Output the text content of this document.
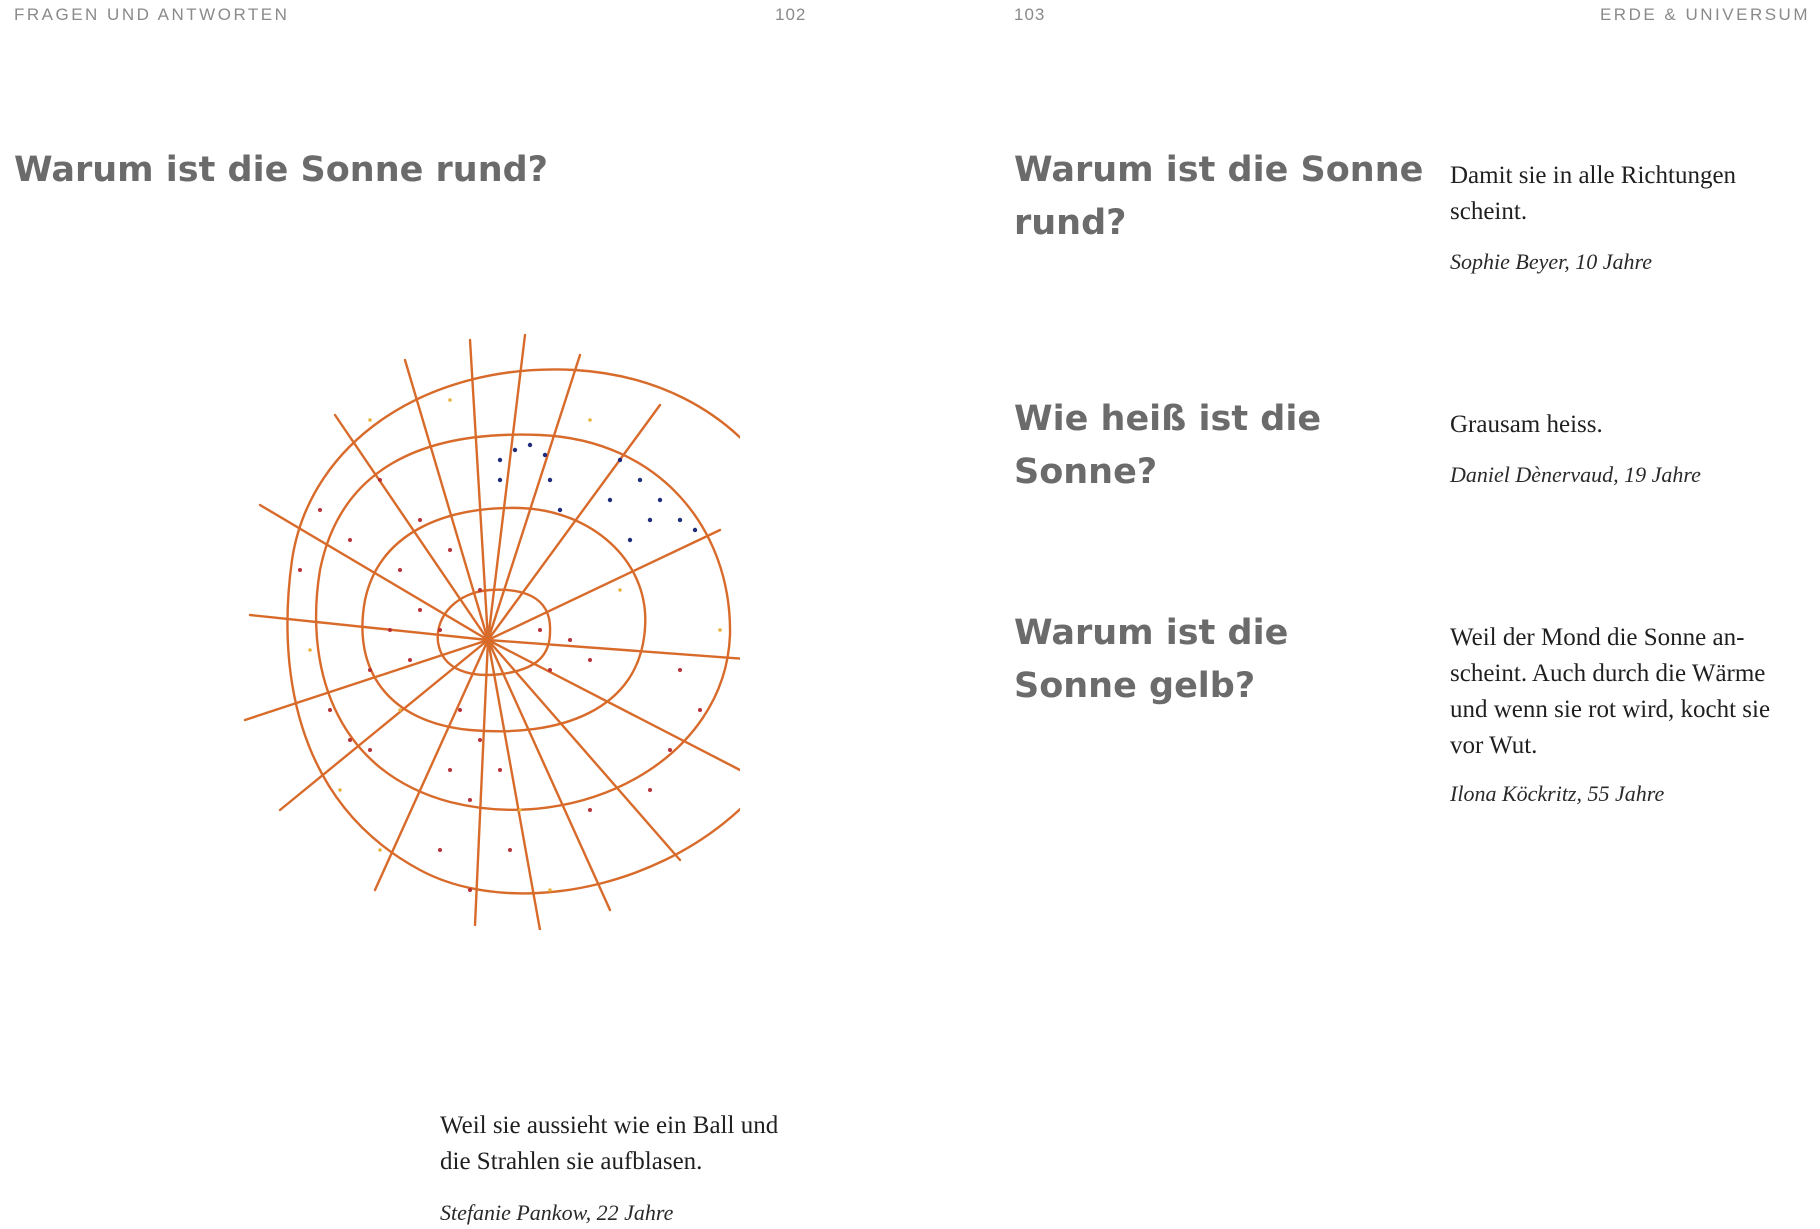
FRAGEN UND ANTWORTEN	102
Warum ist die Sonne rund?

Weil sie aussieht wie ein Ball und
die Strahlen sie aufblasen.

Stefanie Pankow, 22 Jahre

103	ERDE & UNIVERSUM
Warum ist die Sonne
rund?

Damit sie in alle Richtungen
scheint.

Sophie Beyer, 10 Jahre

Wie heiß ist die
Sonne?

Grausam heiss.

Daniel Dènervaud, 19 Jahre

Warum ist die
Sonne gelb?

Weil der Mond die Sonne an-
scheint. Auch durch die Wärme
und wenn sie rot wird, kocht sie
vor Wut.

Ilona Köckritz, 55 Jahre
